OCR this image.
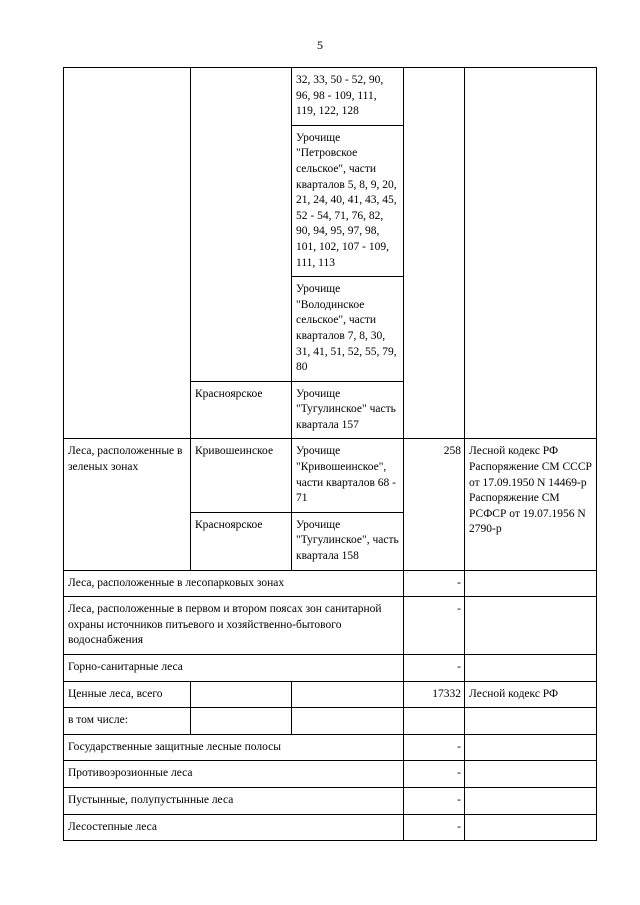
5
		32, 33, 50 - 52, 90, 96, 98 - 109, 111, 119, 122, 128		
		Урочище "Петровское сельское", части кварталов 5, 8, 9, 20, 21, 24, 40, 41, 43, 45, 52 - 54, 71, 76, 82, 90, 94, 95, 97, 98, 101, 102, 107 - 109, 111, 113		
		Урочище "Володинское сельское", части кварталов 7, 8, 30, 31, 41, 51, 52, 55, 79, 80		
	Красноярское	Урочище "Тугулинское" часть квартала 157		
Леса, расположенные в зеленых зонах	Кривошеинское	Урочище "Кривошеинское", части кварталов 68 - 71	258	Лесной кодекс РФ Распоряжение СМ СССР от 17.09.1950 N 14469-р Распоряжение СМ РСФСР от 19.07.1956 N 2790-р
	Красноярское	Урочище "Тугулинское", часть квартала 158		
Леса, расположенные в лесопарковых зонах			-	
Леса, расположенные в первом и втором поясах зон санитарной охраны источников питьевого и хозяйственно-бытового водоснабжения			-	
Горно-санитарные леса			-	
Ценные леса, всего			17332	Лесной кодекс РФ
в том числе:				
Государственные защитные лесные полосы			-	
Противоэрозионные леса			-	
Пустынные, полупустынные леса			-	
Лесостепные леса			-	
